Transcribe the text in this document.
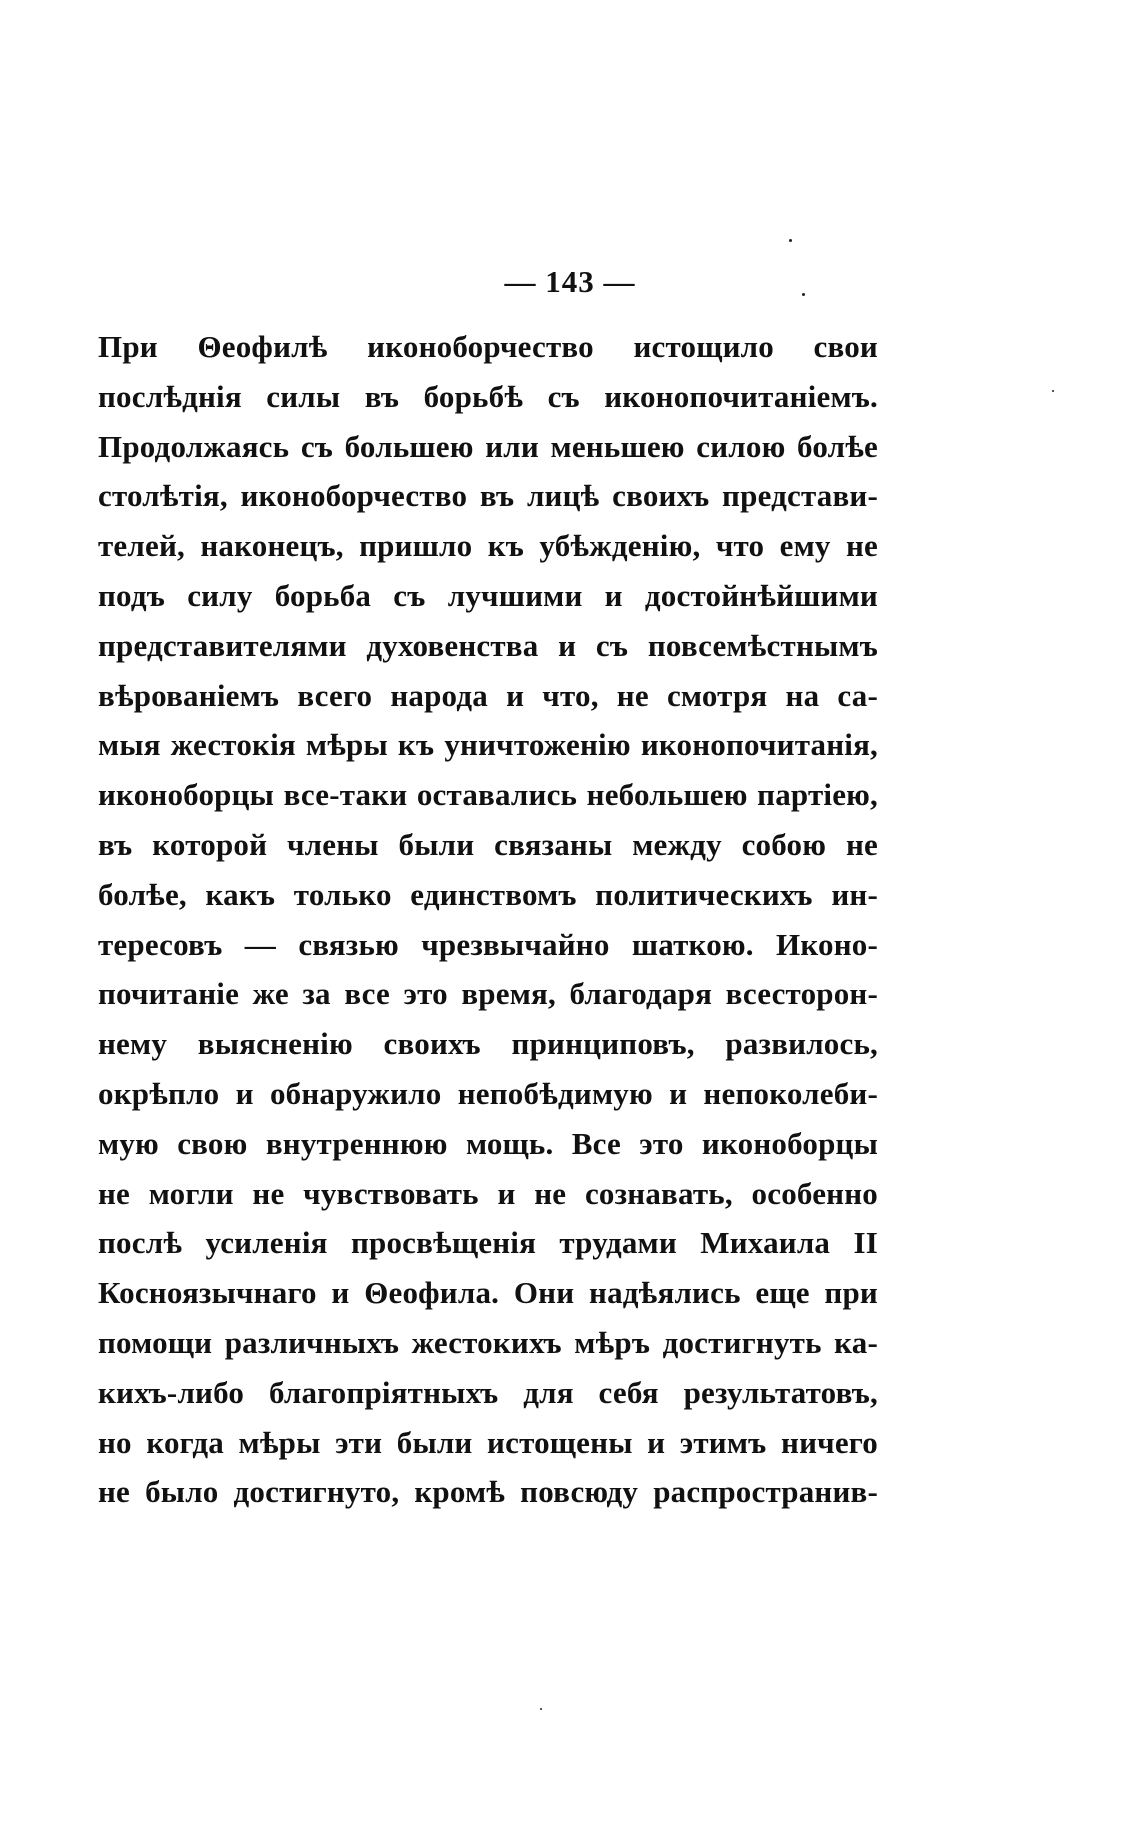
— 143 —
При Θеофилѣ иконоборчество истощило свои
послѣднія силы въ борьбѣ съ иконопочитаніемъ.
Продолжаясь съ большею или меньшею силою болѣе
столѣтія, иконоборчество въ лицѣ своихъ представи-
телей, наконецъ, пришло къ убѣжденію, что ему не
подъ силу борьба съ лучшими и достойнѣйшими
представителями духовенства и съ повсемѣстнымъ
вѣрованіемъ всего народа и что, не смотря на са-
мыя жестокія мѣры къ уничтоженію иконопочитанія,
иконоборцы все-таки оставались небольшею партіею,
въ которой члены были связаны между собою не
болѣе, какъ только единствомъ политическихъ ин-
тересовъ — связью чрезвычайно шаткою. Иконо-
почитаніе же за все это время, благодаря всесторон-
нему выясненію своихъ принциповъ, развилось,
окрѣпло и обнаружило непобѣдимую и непоколеби-
мую свою внутреннюю мощь. Все это иконоборцы
не могли не чувствовать и не сознавать, особенно
послѣ усиленія просвѣщенія трудами Михаила II
Косноязычнаго и Θеофила. Они надѣялись еще при
помощи различныхъ жестокихъ мѣръ достигнуть ка-
кихъ-либо благопріятныхъ для себя результатовъ,
но когда мѣры эти были истощены и этимъ ничего
не было достигнуто, кромѣ повсюду распространив-
